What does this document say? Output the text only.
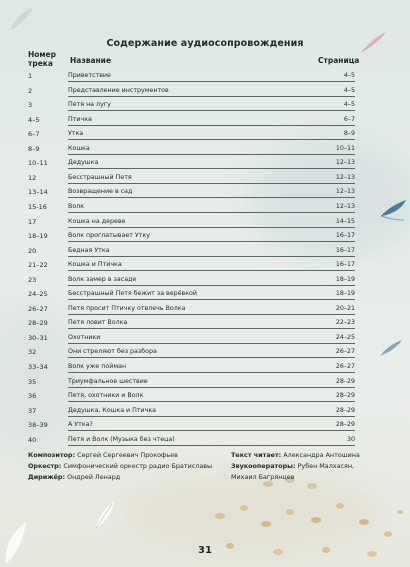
Содержание аудиосопровождения
Номер
трека	Название	Страница
1	Приветствие	4–5
2	Представление инструментов	4–5
3	Петя на лугу	4–5
4–5	Птичка	6–7
6–7	Утка	8–9
8–9	Кошка	10–11
10–11	Дедушка	12–13
12	Бесстрашный Петя	12–13
13–14	Возвращение в сад	12–13
15-16	Волк	12–13
17	Кошка на дереве	14–15
18–19	Волк проглатывает Утку	16–17
20	Бедная Утка	16–17
21–22	Кошка и Птичка	16–17
23	Волк замер в засаде	18–19
24–25	Бесстрашный Петя бежит за верёвкой	18–19
26–27	Петя просит Птичку отвлечь Волка	20–21
28–29	Петя ловит Волка	22–23
30–31	Охотники	24–25
32	Они стреляют без разбора	26–27
33–34	Волк уже пойман	26–27
35	Триумфальное шествие	28–29
36	Петя, охотники и Волк	28–29
37	Дедушка, Кошка и Птичка	28–29
38–39	А Утка?	28–29
40	Петя и Волк (Музыка без чтеца)	30
Композитор: Сергей Сергеевич Прокофьев
Оркестр: Симфонический оркестр радио Братиславы
Дирижёр: Ондрей Ленард
Текст читает: Александра Антошина
Звукооператоры: Рубен Малхасян,
Михаил Багрянцев
31
